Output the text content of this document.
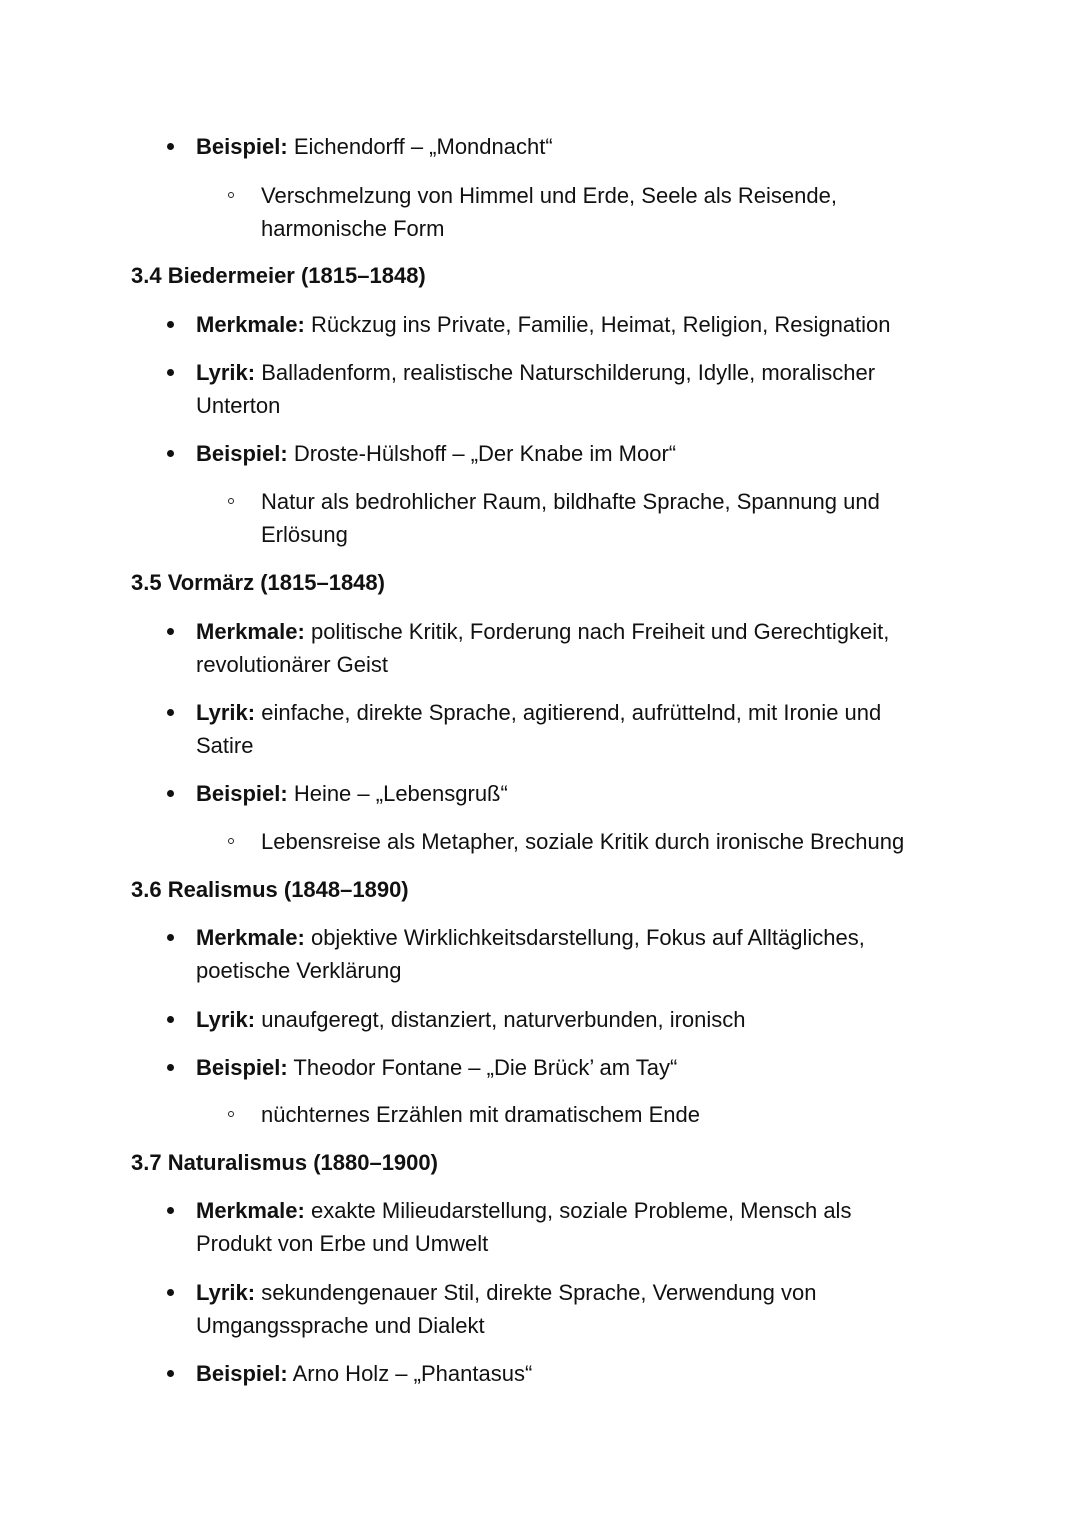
Beispiel: Eichendorff – „Mondnacht“
Verschmelzung von Himmel und Erde, Seele als Reisende,
harmonische Form
3.4 Biedermeier (1815–1848)
Merkmale: Rückzug ins Private, Familie, Heimat, Religion, Resignation
Lyrik: Balladenform, realistische Naturschilderung, Idylle, moralischer
Unterton
Beispiel: Droste-Hülshoff – „Der Knabe im Moor“
Natur als bedrohlicher Raum, bildhafte Sprache, Spannung und
Erlösung
3.5 Vormärz (1815–1848)
Merkmale: politische Kritik, Forderung nach Freiheit und Gerechtigkeit,
revolutionärer Geist
Lyrik: einfache, direkte Sprache, agitierend, aufrüttelnd, mit Ironie und
Satire
Beispiel: Heine – „Lebensgruß“
Lebensreise als Metapher, soziale Kritik durch ironische Brechung
3.6 Realismus (1848–1890)
Merkmale: objektive Wirklichkeitsdarstellung, Fokus auf Alltägliches,
poetische Verklärung
Lyrik: unaufgeregt, distanziert, naturverbunden, ironisch
Beispiel: Theodor Fontane – „Die Brück’ am Tay“
nüchternes Erzählen mit dramatischem Ende
3.7 Naturalismus (1880–1900)
Merkmale: exakte Milieudarstellung, soziale Probleme, Mensch als
Produkt von Erbe und Umwelt
Lyrik: sekundengenauer Stil, direkte Sprache, Verwendung von
Umgangssprache und Dialekt
Beispiel: Arno Holz – „Phantasus“
